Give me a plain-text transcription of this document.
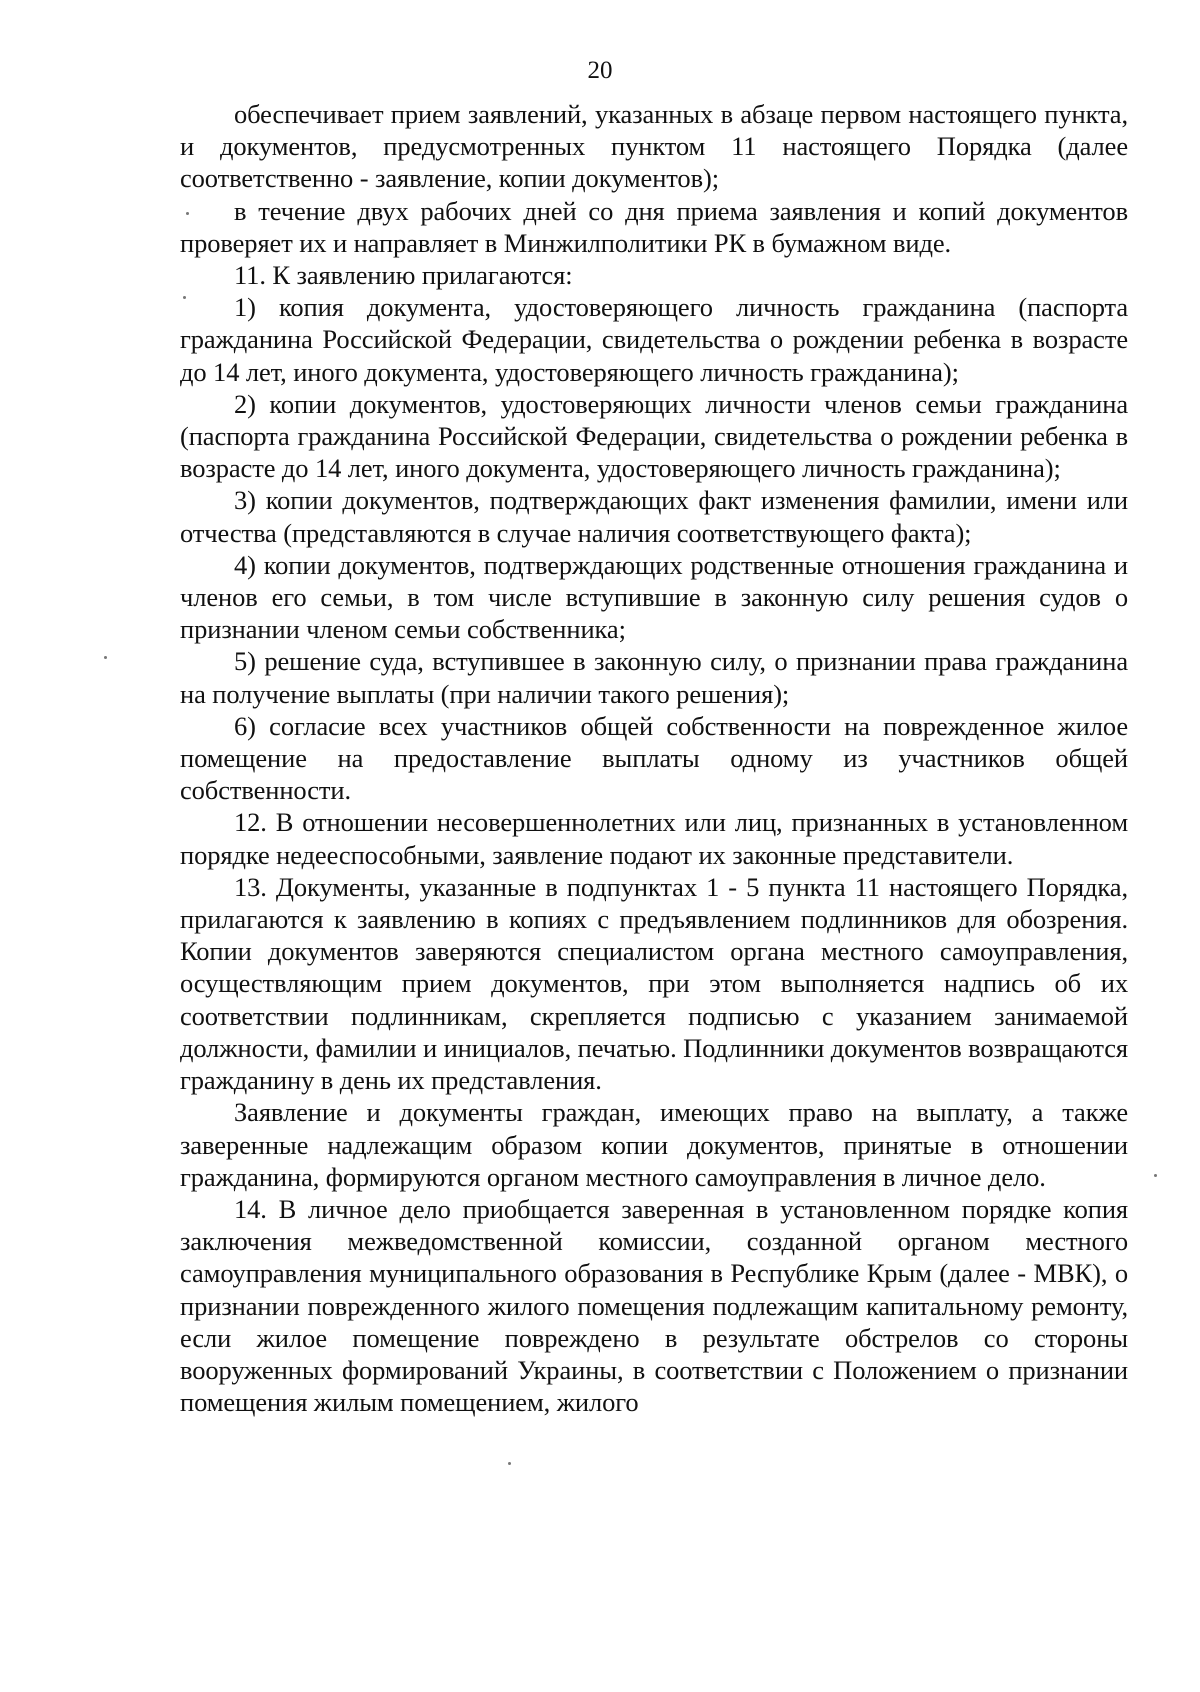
20

обеспечивает прием заявлений, указанных в абзаце первом настоящего пункта, и документов, предусмотренных пунктом 11 настоящего Порядка (далее соответственно - заявление, копии документов);

в течение двух рабочих дней со дня приема заявления и копий документов проверяет их и направляет в Минжилполитики РК в бумажном виде.

11. К заявлению прилагаются:

1) копия документа, удостоверяющего личность гражданина (паспорта гражданина Российской Федерации, свидетельства о рождении ребенка в возрасте до 14 лет, иного документа, удостоверяющего личность гражданина);

2) копии документов, удостоверяющих личности членов семьи гражданина (паспорта гражданина Российской Федерации, свидетельства о рождении ребенка в возрасте до 14 лет, иного документа, удостоверяющего личность гражданина);

3) копии документов, подтверждающих факт изменения фамилии, имени или отчества (представляются в случае наличия соответствующего факта);

4) копии документов, подтверждающих родственные отношения гражданина и членов его семьи, в том числе вступившие в законную силу решения судов о признании членом семьи собственника;

5) решение суда, вступившее в законную силу, о признании права гражданина на получение выплаты (при наличии такого решения);

6) согласие всех участников общей собственности на поврежденное жилое помещение на предоставление выплаты одному из участников общей собственности.

12. В отношении несовершеннолетних или лиц, признанных в установленном порядке недееспособными, заявление подают их законные представители.

13. Документы, указанные в подпунктах 1 - 5 пункта 11 настоящего Порядка, прилагаются к заявлению в копиях с предъявлением подлинников для обозрения. Копии документов заверяются специалистом органа местного самоуправления, осуществляющим прием документов, при этом выполняется надпись об их соответствии подлинникам, скрепляется подписью с указанием занимаемой должности, фамилии и инициалов, печатью. Подлинники документов возвращаются гражданину в день их представления.

Заявление и документы граждан, имеющих право на выплату, а также заверенные надлежащим образом копии документов, принятые в отношении гражданина, формируются органом местного самоуправления в личное дело.

14. В личное дело приобщается заверенная в установленном порядке копия заключения межведомственной комиссии, созданной органом местного самоуправления муниципального образования в Республике Крым (далее - МВК), о признании поврежденного жилого помещения подлежащим капитальному ремонту, если жилое помещение повреждено в результате обстрелов со стороны вооруженных формирований Украины, в соответствии с Положением о признании помещения жилым помещением, жилого
